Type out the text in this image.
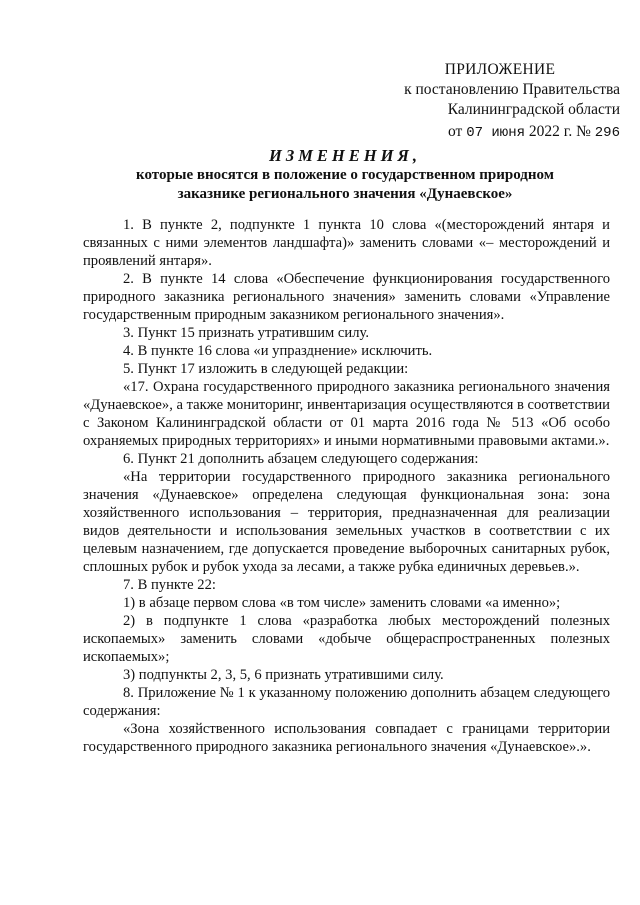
ПРИЛОЖЕНИЕ
к постановлению Правительства
Калининградской области
от 07 июня 2022 г. № 296
ИЗМЕНЕНИЯ,
которые вносятся в положение о государственном природном
заказнике регионального значения «Дунаевское»

1. В пункте 2, подпункте 1 пункта 10 слова «(месторождений янтаря и связанных с ними элементов ландшафта)» заменить словами «– месторождений и проявлений янтаря».

2. В пункте 14 слова «Обеспечение функционирования государственного природного заказника регионального значения» заменить словами «Управление государственным природным заказником регионального значения».

3. Пункт 15 признать утратившим силу.

4. В пункте 16 слова «и упразднение» исключить.

5. Пункт 17 изложить в следующей редакции:

«17. Охрана государственного природного заказника регионального значения «Дунаевское», а также мониторинг, инвентаризация осуществляются в соответствии с Законом Калининградской области от 01 марта 2016 года № 513 «Об особо охраняемых природных территориях» и иными нормативными правовыми актами.».

6. Пункт 21 дополнить абзацем следующего содержания:

«На территории государственного природного заказника регионального значения «Дунаевское» определена следующая функциональная зона: зона хозяйственного использования – территория, предназначенная для реализации видов деятельности и использования земельных участков в соответствии с их целевым назначением, где допускается проведение выборочных санитарных рубок, сплошных рубок и рубок ухода за лесами, а также рубка единичных деревьев.».

7. В пункте 22:

1) в абзаце первом слова «в том числе» заменить словами «а именно»;

2) в подпункте 1 слова «разработка любых месторождений полезных ископаемых» заменить словами «добыче общераспространенных полезных ископаемых»;

3) подпункты 2, 3, 5, 6 признать утратившими силу.

8. Приложение № 1 к указанному положению дополнить абзацем следующего содержания:

«Зона хозяйственного использования совпадает с границами территории государственного природного заказника регионального значения «Дунаевское».».
